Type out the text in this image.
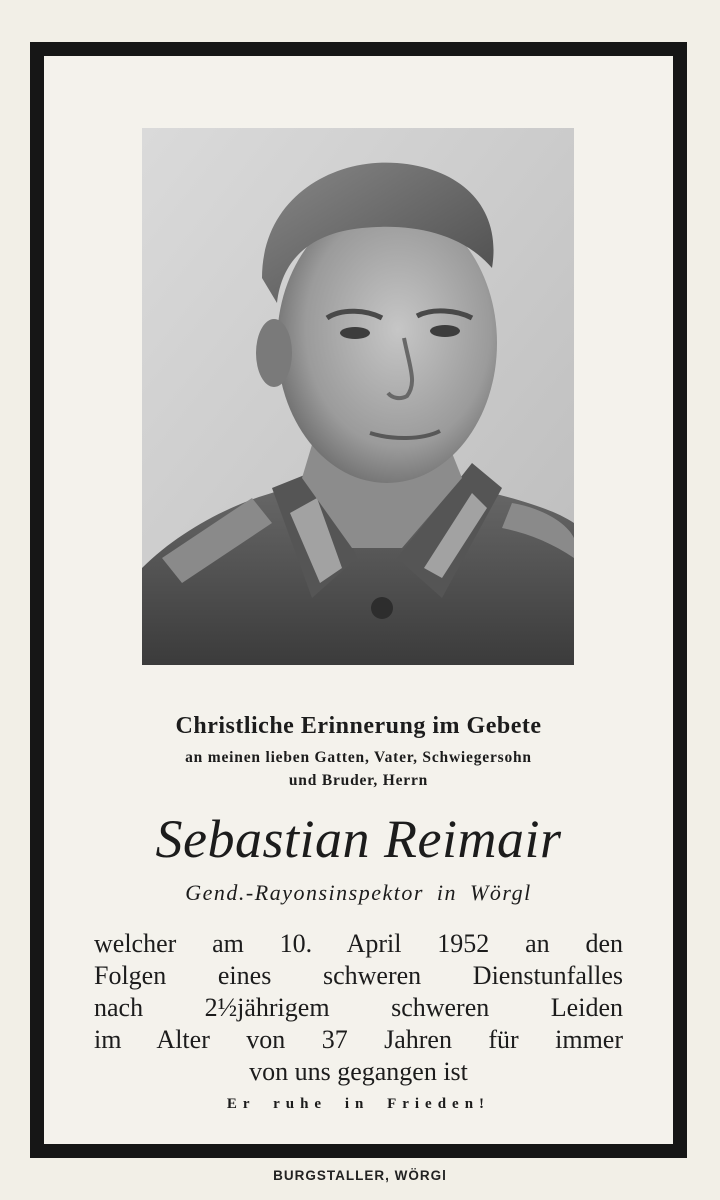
Christliche Erinnerung im Gebete
an meinen lieben Gatten, Vater, Schwiegersohn
und Bruder, Herrn
Sebastian Reimair
Gend.-Rayonsinspektor in Wörgl
welcher am 10. April 1952 an den
Folgen eines schweren Dienstunfalles
nach 2½jährigem schweren Leiden
im Alter von 37 Jahren für immer
von uns gegangen ist
Er ruhe in Frieden!
BURGSTALLER, WÖRGl
